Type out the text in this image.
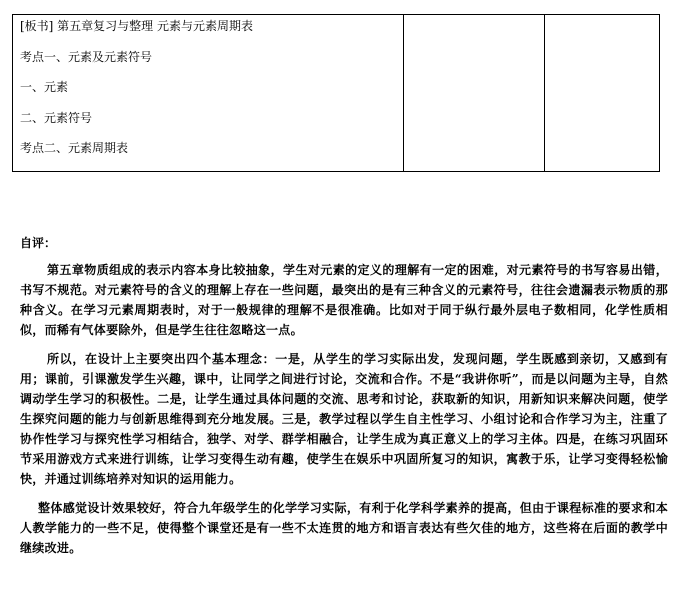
[板书] 第五章复习与整理 元素与元素周期表
考点一、元素及元素符号
一、元素
二、元素符号
考点二、元素周期表

自评：

第五章物质组成的表示内容本身比较抽象，学生对元素的定义的理解有一定的困难，对元素符号的书写容易出错，书写不规范。对元素符号的含义的理解上存在一些问题，最突出的是有三种含义的元素符号，往往会遗漏表示物质的那种含义。在学习元素周期表时，对于一般规律的理解不是很准确。比如对于同于纵行最外层电子数相同，化学性质相似，而稀有气体要除外，但是学生往往忽略这一点。

所以，在设计上主要突出四个基本理念：一是，从学生的学习实际出发，发现问题，学生既感到亲切，又感到有用；课前，引课激发学生兴趣，课中，让同学之间进行讨论，交流和合作。不是“我讲你听”，而是以问题为主导，自然调动学生学习的积极性。二是，让学生通过具体问题的交流、思考和讨论，获取新的知识，用新知识来解决问题，使学生探究问题的能力与创新思维得到充分地发展。三是，教学过程以学生自主性学习、小组讨论和合作学习为主，注重了协作性学习与探究性学习相结合，独学、对学、群学相融合，让学生成为真正意义上的学习主体。四是，在练习巩固环节采用游戏方式来进行训练，让学习变得生动有趣，使学生在娱乐中巩固所复习的知识，寓教于乐，让学习变得轻松愉快，并通过训练培养对知识的运用能力。

整体感觉设计效果较好，符合九年级学生的化学学习实际，有利于化学科学素养的提高，但由于课程标准的要求和本人教学能力的一些不足，使得整个课堂还是有一些不太连贯的地方和语言表达有些欠佳的地方，这些将在后面的教学中继续改进。
